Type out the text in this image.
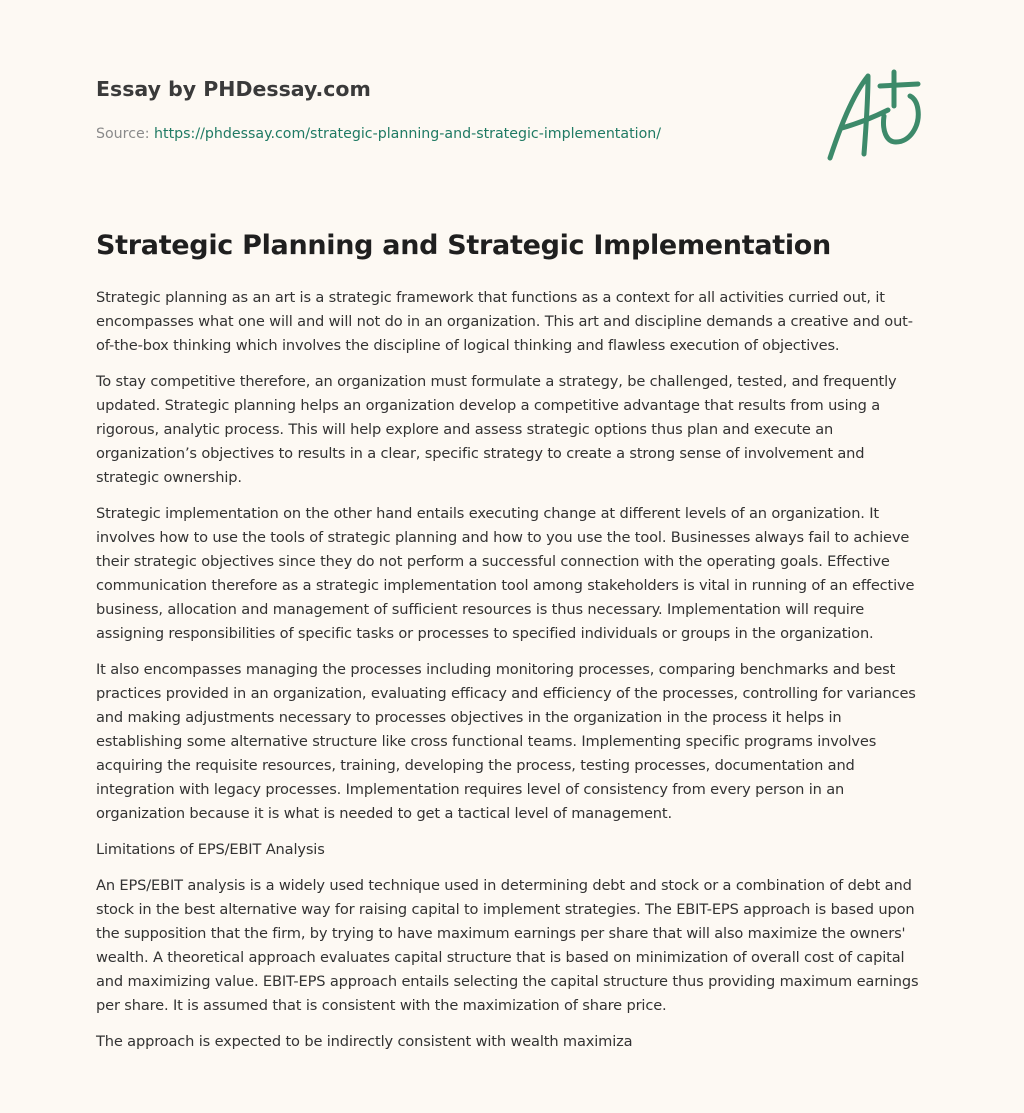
Essay by PHDessay.com
Source: https://phdessay.com/strategic-planning-and-strategic-implementation/
Strategic Planning and Strategic Implementation

Strategic planning as an art is a strategic framework that functions as a context for all activities curried out, it encompasses what one will and will not do in an organization. This art and discipline demands a creative and out-of-the-box thinking which involves the discipline of logical thinking and flawless execution of objectives.

To stay competitive therefore, an organization must formulate a strategy, be challenged, tested, and frequently updated. Strategic planning helps an organization develop a competitive advantage that results from using a rigorous, analytic process. This will help explore and assess strategic options thus plan and execute an organization’s objectives to results in a clear, specific strategy to create a strong sense of involvement and strategic ownership.

Strategic implementation on the other hand entails executing change at different levels of an organization. It involves how to use the tools of strategic planning and how to you use the tool. Businesses always fail to achieve their strategic objectives since they do not perform a successful connection with the operating goals. Effective communication therefore as a strategic implementation tool among stakeholders is vital in running of an effective business, allocation and management of sufficient resources is thus necessary. Implementation will require assigning responsibilities of specific tasks or processes to specified individuals or groups in the organization.

It also encompasses managing the processes including monitoring processes, comparing benchmarks and best practices provided in an organization, evaluating efficacy and efficiency of the processes, controlling for variances and making adjustments necessary to processes objectives in the organization in the process it helps in establishing some alternative structure like cross functional teams. Implementing specific programs involves acquiring the requisite resources, training, developing the process, testing processes, documentation and integration with legacy processes. Implementation requires level of consistency from every person in an organization because it is what is needed to get a tactical level of management.

Limitations of EPS/EBIT Analysis

An EPS/EBIT analysis is a widely used technique used in determining debt and stock or a combination of debt and stock in the best alternative way for raising capital to implement strategies. The EBIT-EPS approach is based upon the supposition that the firm, by trying to have maximum earnings per share that will also maximize the owners' wealth. A theoretical approach evaluates capital structure that is based on minimization of overall cost of capital and maximizing value. EBIT-EPS approach entails selecting the capital structure thus providing maximum earnings per share. It is assumed that is consistent with the maximization of share price.

The approach is expected to be indirectly consistent with wealth maximiza
